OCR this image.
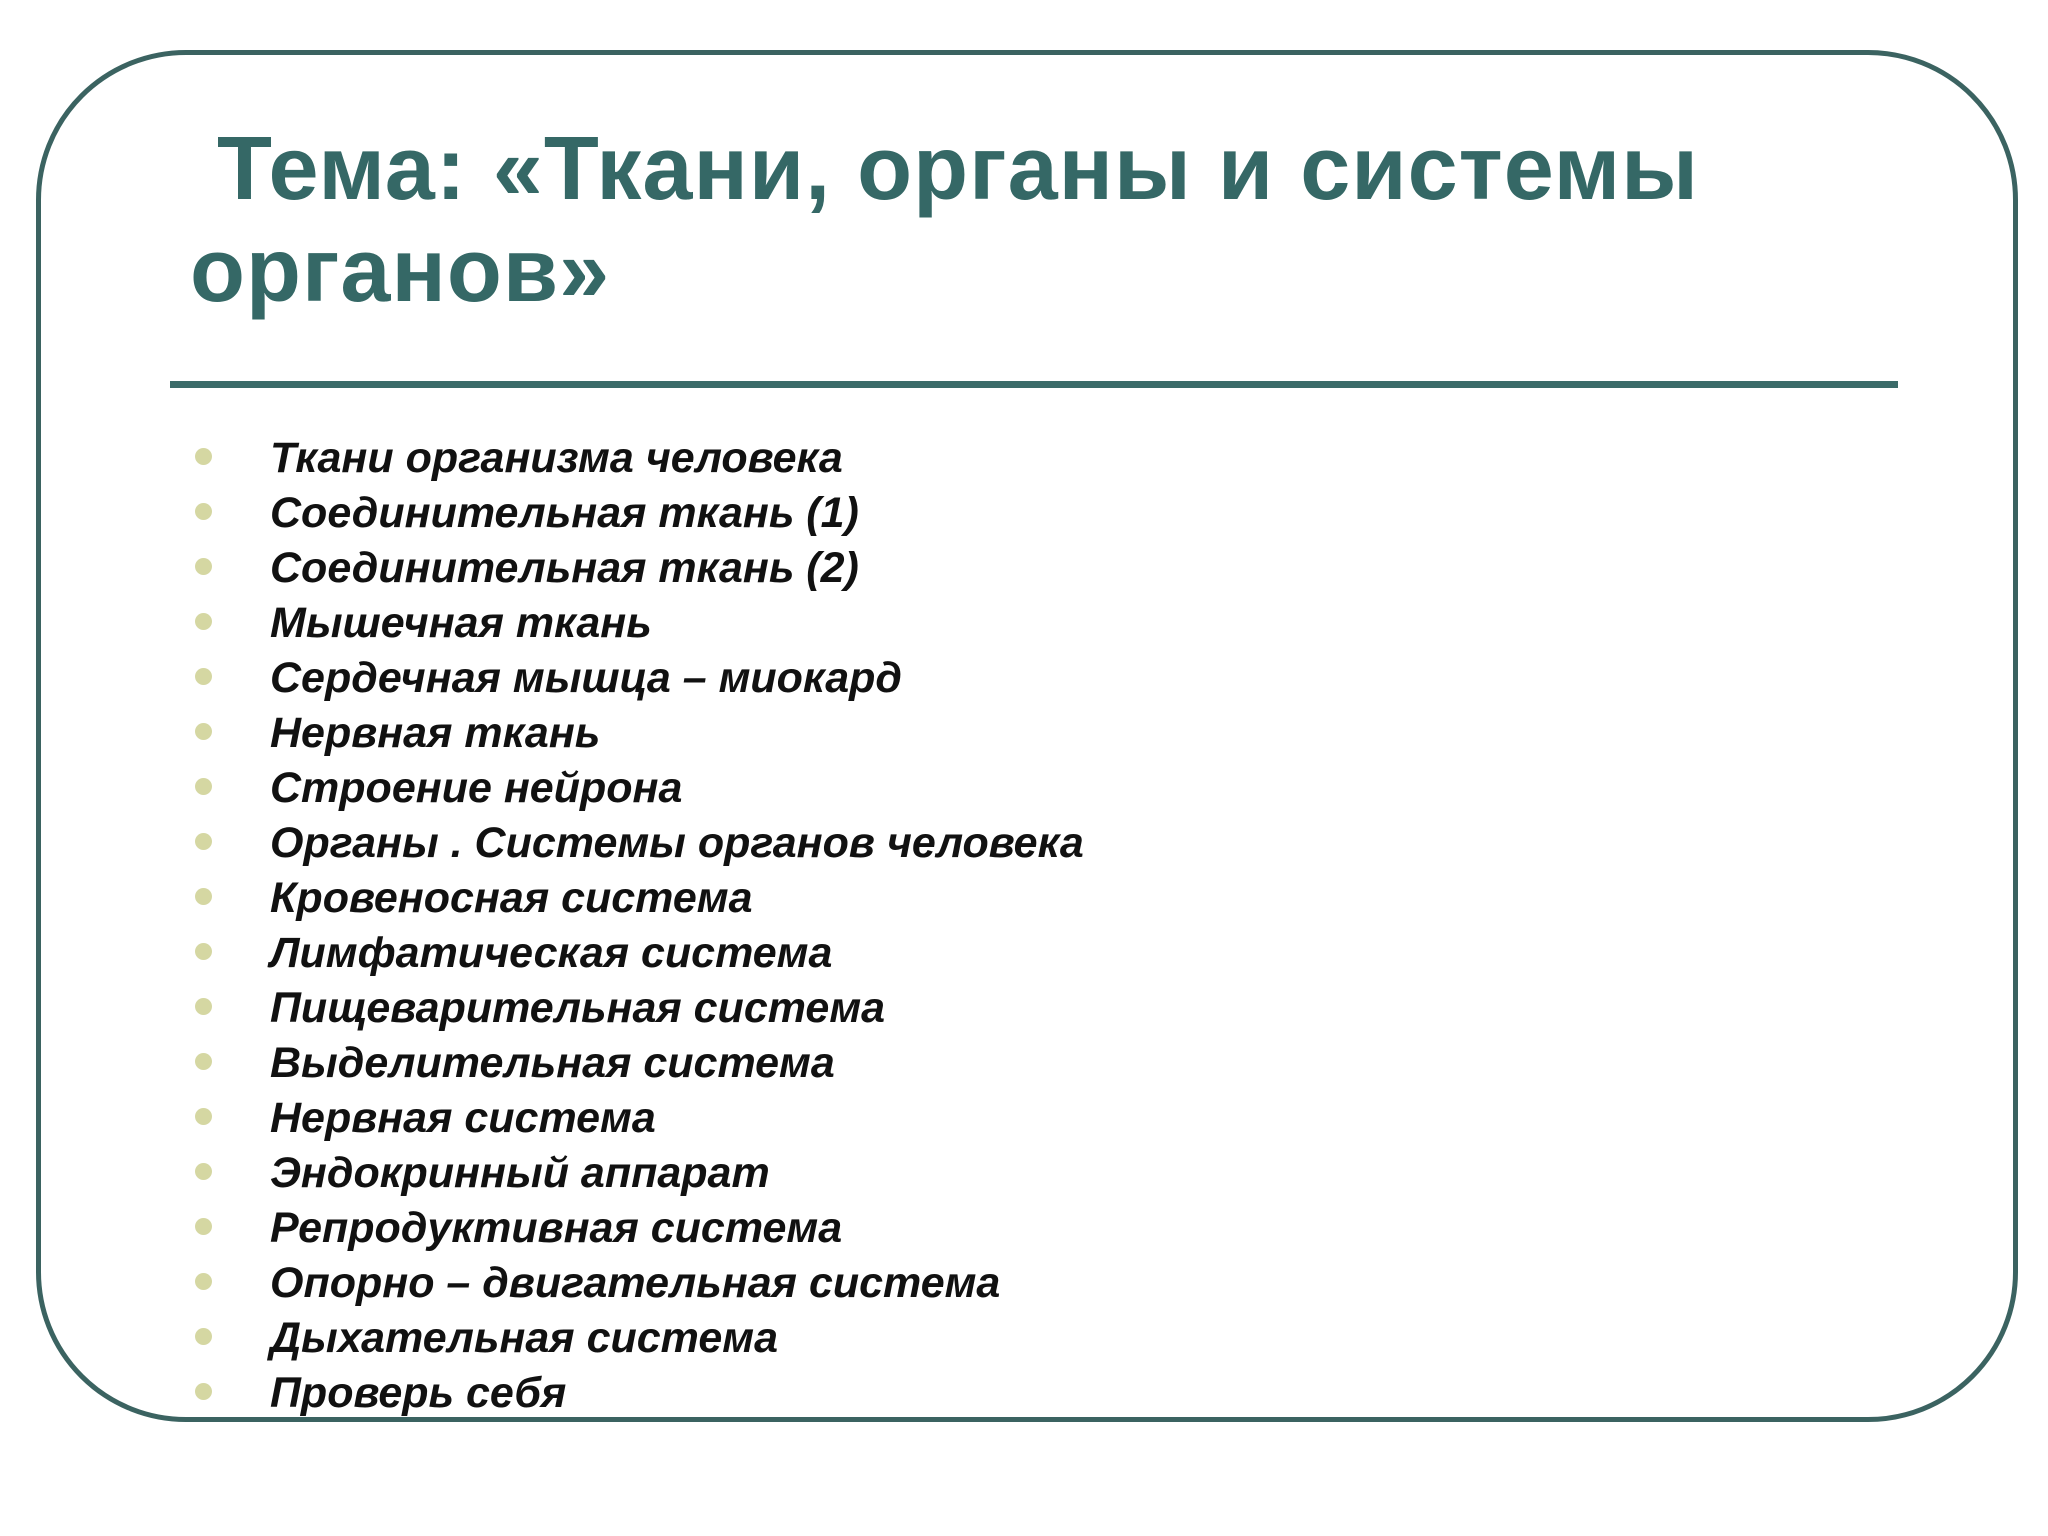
Тема: «Ткани, органы и системы органов»
Ткани организма человека
Соединительная ткань (1)
Соединительная ткань (2)
Мышечная ткань
Сердечная мышца – миокард
Нервная ткань
Строение нейрона
Органы . Системы органов человека
Кровеносная система
Лимфатическая система
Пищеварительная система
Выделительная система
Нервная система
Эндокринный аппарат
Репродуктивная система
Опорно – двигательная система
Дыхательная система
Проверь себя
